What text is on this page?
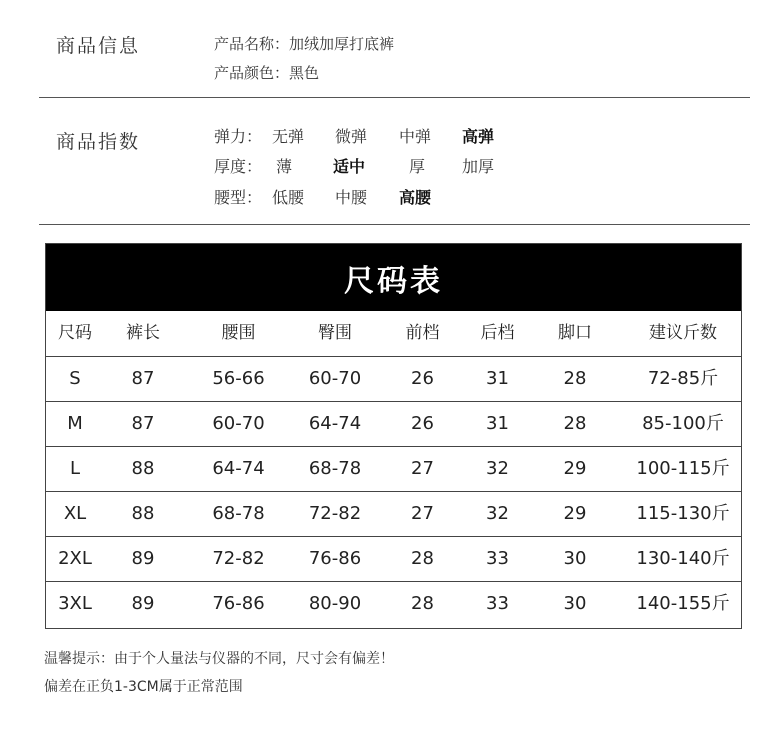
商品信息	产品名称：加绒加厚打底裤
产品颜色：黑色
商品指数	弹力： 无弹 微弹 中弹 高弹
厚度： 薄	适中	厚 加厚
腰型： 低腰 中腰 高腰
尺码表
尺码	裤长	腰围	臀围	前档	后档	脚口	建议斤数
S	87	56-66	60-70	26	31	28	72-85斤
M	87	60-70	64-74	26	31	28	85-100斤
L	88	64-74	68-78	27	32	29	100-115斤
XL	88	68-78	72-82	27	32	29	115-130斤
2XL	89	72-82	76-86	28	33	30	130-140斤
3XL	89	76-86	80-90	28	33	30	140-155斤
温馨提示：由于个人量法与仪器的不同，尺寸会有偏差！
偏差在正负1-3CM属于正常范围
